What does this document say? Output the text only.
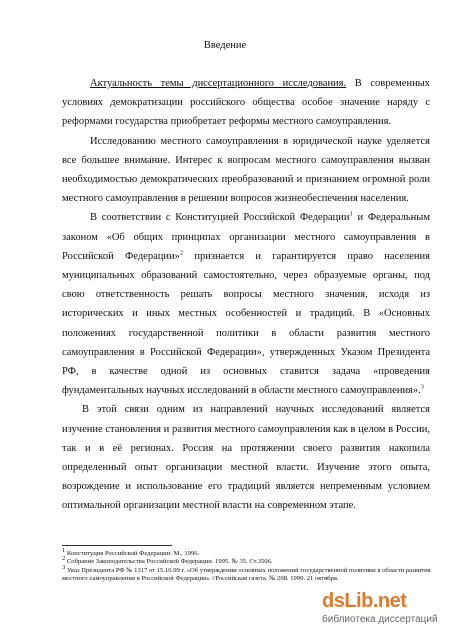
Введение

Актуальность темы диссертационного исследования. В современных условиях демократизации российского общества особое значение наряду с реформами государства приобретает реформы местного самоуправления.

Исследованию местного самоуправления в юридической науке уделяется все большее внимание. Интерес к вопросам местного самоуправления вызван необходимостью демократических преобразований и признанием огромной роли местного самоуправления в решении вопросов жизнеобеспечения населения.

В соответствии с Конституцией Российской Федерации$^1$ и Федеральным законом «Об общих принципах организации местного самоуправления в Российской Федерации»$^2$ признается и гарантируется право населения муниципальных образований самостоятельно, через образуемые органы, под свою ответственность решать вопросы местного значения, исходя из исторических и иных местных особенностей и традиций. В «Основных положениях государственной политики в области развития местного самоуправления в Российской Федерации», утвержденных Указом Президента РФ, в качестве одной из основных ставится задача «проведения фундаментальных научных исследований в области местного самоуправления».$^3$

В этой связи одним из направлений научных исследований является изучение становления и развития местного самоуправления как в целом в России, так и в её регионах. Россия на протяжении своего развития накопила определенный опыт организации местной власти. Изучение этого опыта, возрождение и использование его традиций является непременным условием оптимальной организации местной власти на современном этапе.

$^1$ Конституция Российской Федерации. М., 1996.
$^2$ Собрание Законодательства Российской Федерации. 1995. № 35. Ст.3506.
$^3$ Указ Президента РФ № 1317 от 15.10.99 г. «Об утверждении основных положений государственной политики в области развития местного самоуправления в Российской Федерации» //Российская газета. № 208. 1999. 21 октября.
dsLib.net
библиотека диссертаций
